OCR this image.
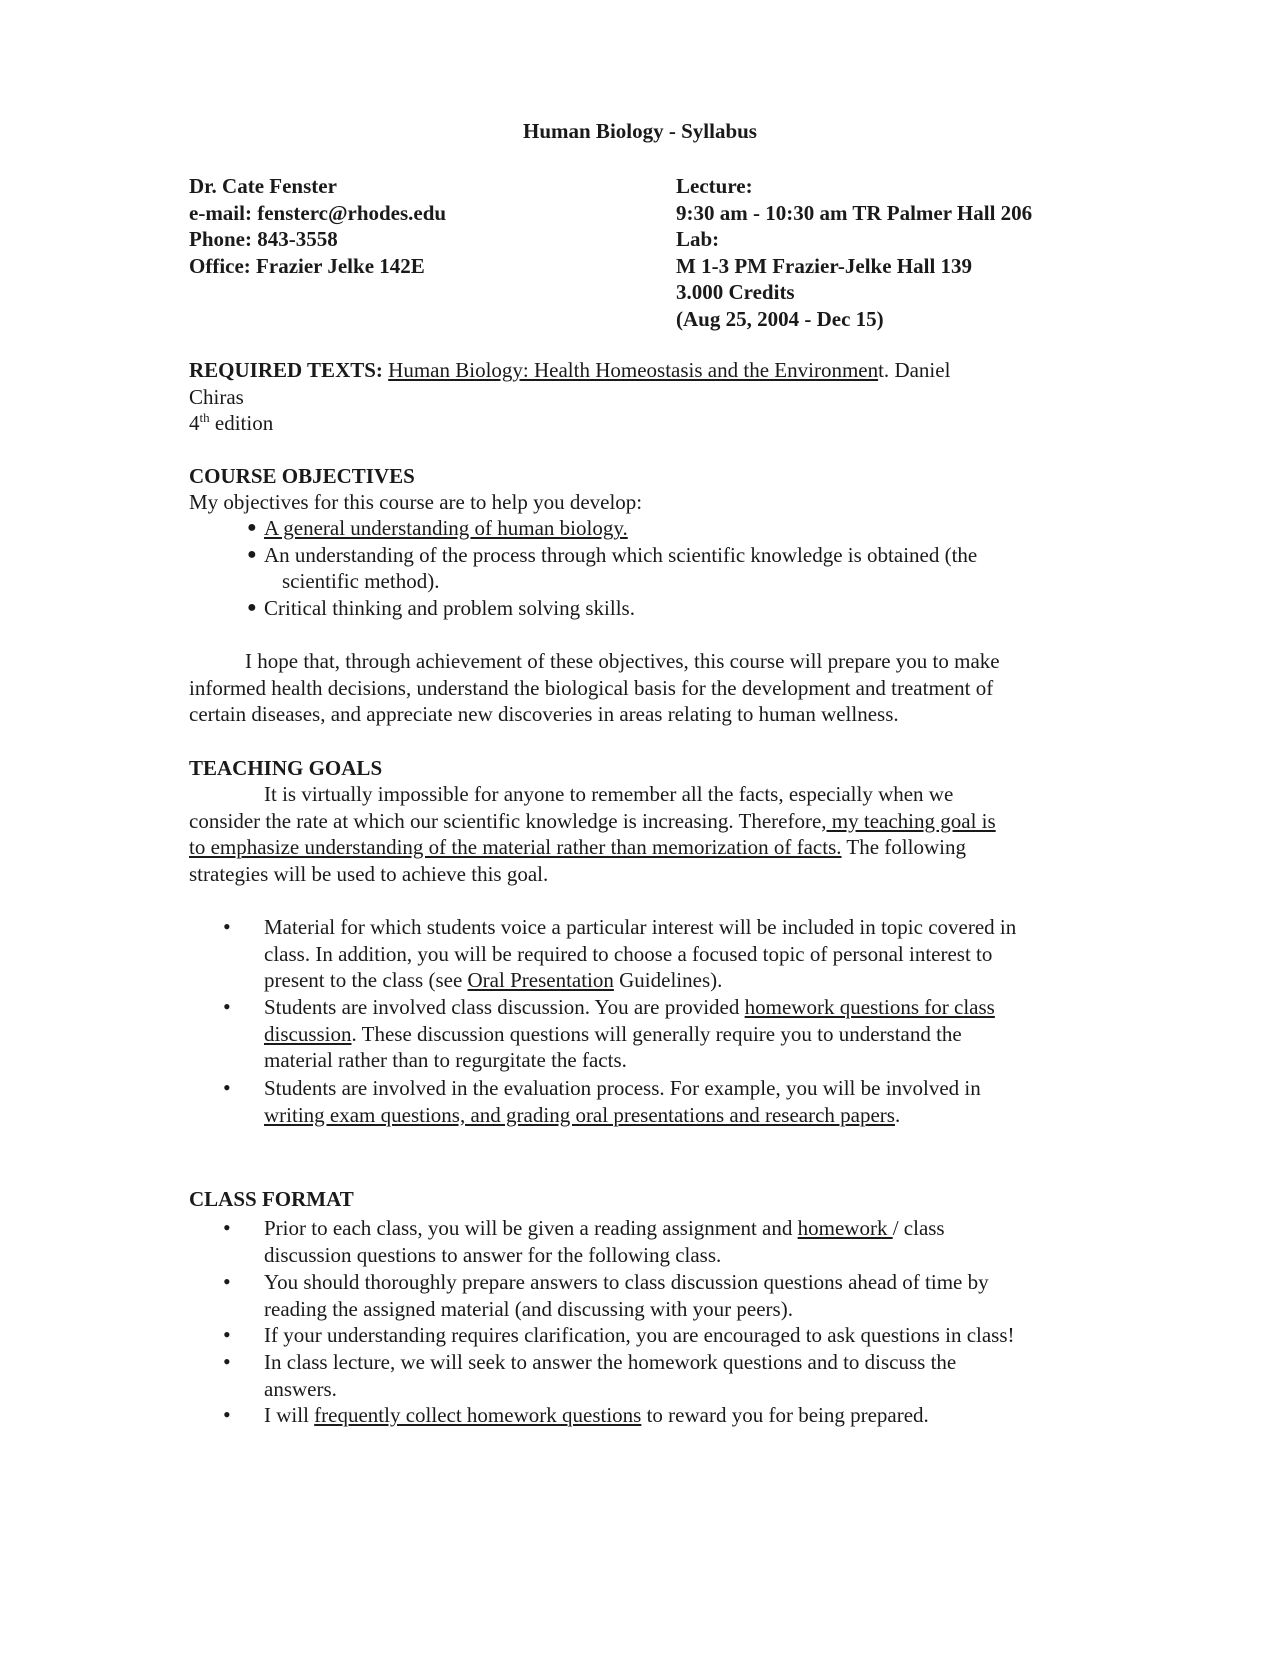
Human Biology - Syllabus
Dr. Cate Fenster
e-mail: fensterc@rhodes.edu
Phone: 843-3558
Office: Frazier Jelke 142E
Lecture:
9:30 am - 10:30 am TR Palmer Hall 206
Lab:
M 1-3 PM Frazier-Jelke Hall 139
3.000 Credits
(Aug 25, 2004 - Dec 15)
REQUIRED TEXTS: Human Biology: Health Homeostasis and the Environment. Daniel
Chiras
4th edition
COURSE OBJECTIVES
My objectives for this course are to help you develop:
● A general understanding of human biology.
● An understanding of the process through which scientific knowledge is obtained (the
scientific method).
● Critical thinking and problem solving skills.
I hope that, through achievement of these objectives, this course will prepare you to make
informed health decisions, understand the biological basis for the development and treatment of
certain diseases, and appreciate new discoveries in areas relating to human wellness.
TEACHING GOALS
It is virtually impossible for anyone to remember all the facts, especially when we
consider the rate at which our scientific knowledge is increasing. Therefore, my teaching goal is
to emphasize understanding of the material rather than memorization of facts. The following
strategies will be used to achieve this goal.
• Material for which students voice a particular interest will be included in topic covered in
class. In addition, you will be required to choose a focused topic of personal interest to
present to the class (see Oral Presentation Guidelines).
• Students are involved class discussion. You are provided homework questions for class
discussion. These discussion questions will generally require you to understand the
material rather than to regurgitate the facts.
• Students are involved in the evaluation process. For example, you will be involved in
writing exam questions, and grading oral presentations and research papers.
CLASS FORMAT
• Prior to each class, you will be given a reading assignment and homework / class
discussion questions to answer for the following class.
• You should thoroughly prepare answers to class discussion questions ahead of time by
reading the assigned material (and discussing with your peers).
• If your understanding requires clarification, you are encouraged to ask questions in class!
• In class lecture, we will seek to answer the homework questions and to discuss the
answers.
• I will frequently collect homework questions to reward you for being prepared.
